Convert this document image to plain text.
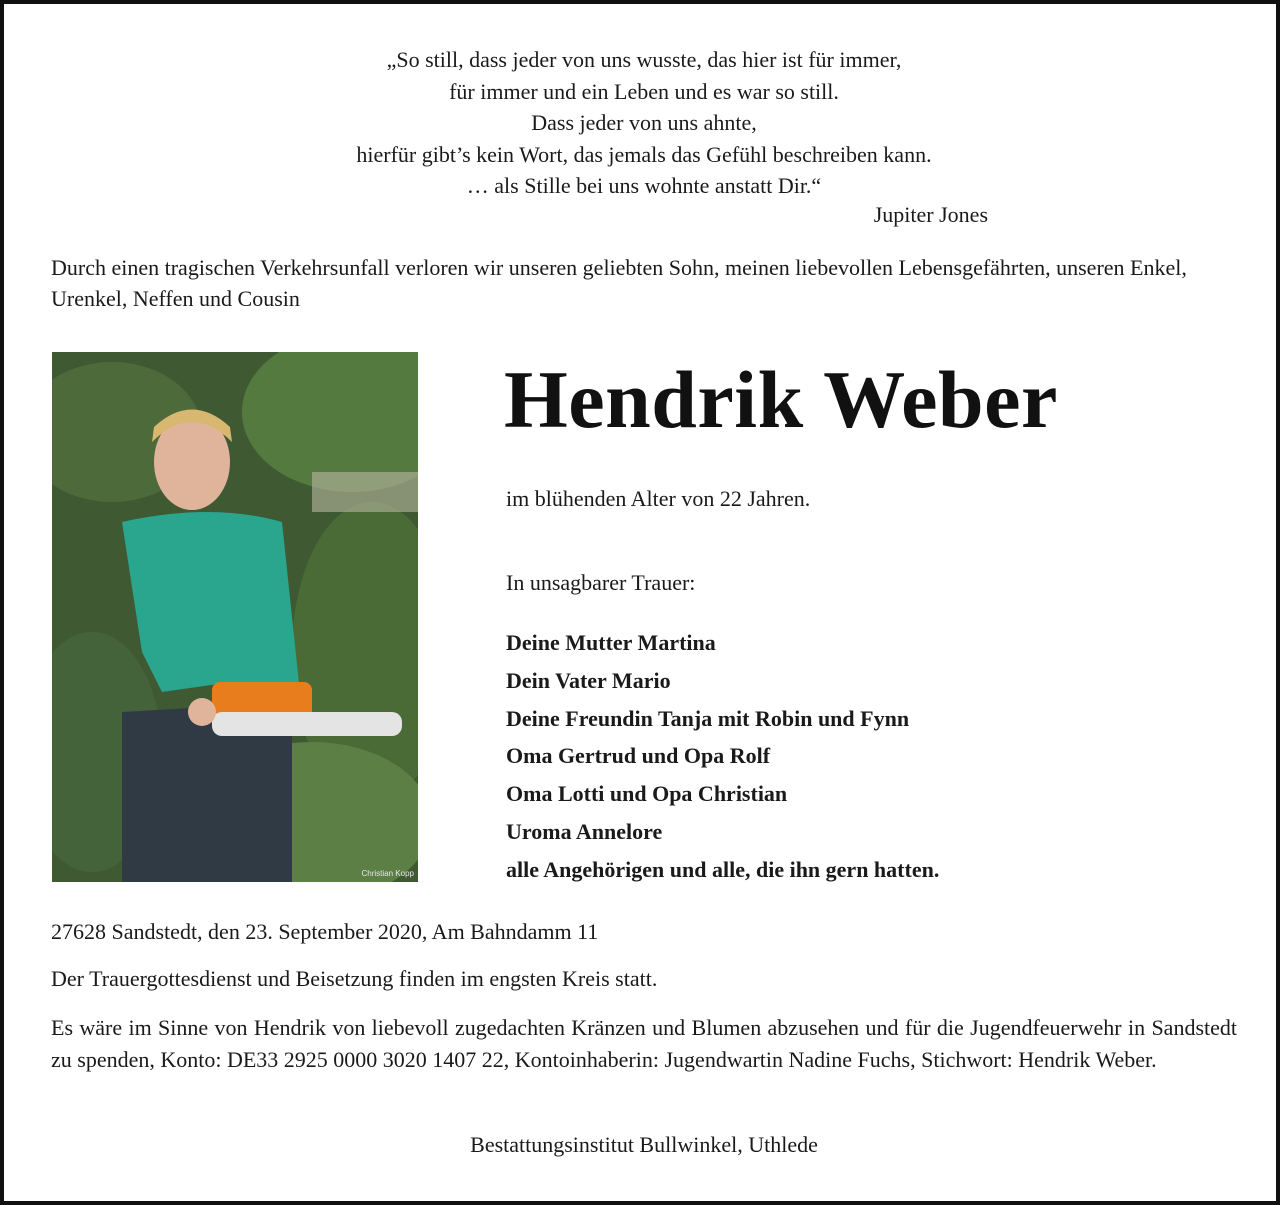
„So still, dass jeder von uns wusste, das hier ist für immer,
für immer und ein Leben und es war so still.
Dass jeder von uns ahnte,
hierfür gibt’s kein Wort, das jemals das Gefühl beschreiben kann.
… als Stille bei uns wohnte anstatt Dir.“
Jupiter Jones
Durch einen tragischen Verkehrsunfall verloren wir unseren geliebten Sohn, meinen liebevollen Lebensgefährten, unseren Enkel, Urenkel, Neffen und Cousin
Christian Kopp
Hendrik Weber
im blühenden Alter von 22 Jahren.
In unsagbarer Trauer:
Deine Mutter Martina
Dein Vater Mario
Deine Freundin Tanja mit Robin und Fynn
Oma Gertrud und Opa Rolf
Oma Lotti und Opa Christian
Uroma Annelore
alle Angehörigen und alle, die ihn gern hatten.
27628 Sandstedt, den 23. September 2020, Am Bahndamm 11
Der Trauergottesdienst und Beisetzung finden im engsten Kreis statt.
Es wäre im Sinne von Hendrik von liebevoll zugedachten Kränzen und Blumen abzusehen und für die Jugendfeuerwehr in Sandstedt zu spenden, Konto: DE33 2925 0000 3020 1407 22, Kontoinhaberin: Jugendwartin Nadine Fuchs, Stichwort: Hendrik Weber.
Bestattungsinstitut Bullwinkel, Uthlede
